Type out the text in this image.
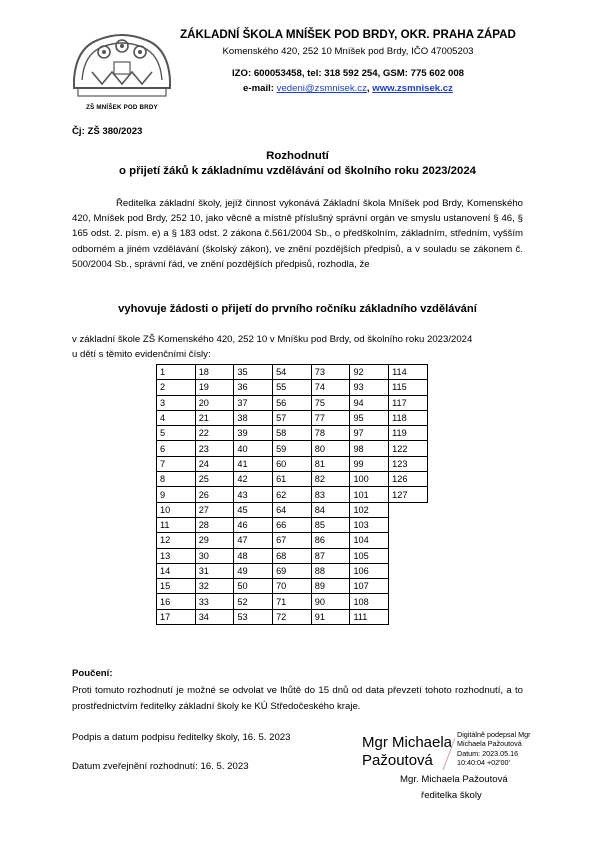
ZŠ MNÍŠEK POD BRDY
ZÁKLADNÍ ŠKOLA MNÍŠEK POD BRDY, OKR. PRAHA ZÁPAD
Komenského 420, 252 10 Mníšek pod Brdy, IČO 47005203
IZO: 600053458, tel: 318 592 254, GSM: 775 602 008
e-mail: vedeni@zsmnisek.cz, www.zsmnisek.cz
Čj: ZŠ 380/2023
Rozhodnutí
o přijetí žáků k základnímu vzdělávání od školního roku 2023/2024
Ředitelka základní školy, jejíž činnost vykonává Základní škola Mníšek pod Brdy, Komenského 420, Mníšek pod Brdy, 252 10, jako věcně a místně příslušný správní orgán ve smyslu ustanovení § 46, § 165 odst. 2. písm. e) a § 183 odst. 2 zákona č.561/2004 Sb., o předškolním, základním, středním, vyšším odborném a jiném vzdělávání (školský zákon), ve znění pozdějších předpisů, a v souladu se zákonem č. 500/2004 Sb., správní řád, ve znění pozdějších předpisů, rozhodla, že
vyhovuje žádosti o přijetí do prvního ročníku základního vzdělávání
v základní škole ZŠ Komenského 420, 252 10 v Mníšku pod Brdy, od školního roku 2023/2024
u dětí s těmito evidenčními čísly:
1	18	35	54	73	92	114
2	19	36	55	74	93	115
3	20	37	56	75	94	117
4	21	38	57	77	95	118
5	22	39	58	78	97	119
6	23	40	59	80	98	122
7	24	41	60	81	99	123
8	25	42	61	82	100	126
9	26	43	62	83	101	127
10	27	45	64	84	102	
11	28	46	66	85	103	
12	29	47	67	86	104	
13	30	48	68	87	105	
14	31	49	69	88	106	
15	32	50	70	89	107	
16	33	52	71	90	108	
17	34	53	72	91	111	
Poučení:
Proti tomuto rozhodnutí je možné se odvolat ve lhůtě do 15 dnů od data převzetí tohoto rozhodnutí, a to prostřednictvím ředitelky základní školy ke KÚ Středočeského kraje.
Podpis a datum podpisu ředitelky školy, 16. 5. 2023
Datum zveřejnění rozhodnutí: 16. 5. 2023
Mgr Michaela
Pažoutová
Digitálně podepsal Mgr
Michaela Pažoutová
Datum: 2023.05.16
10:40:04 +02'00'
Mgr. Michaela Pažoutová
ředitelka školy
